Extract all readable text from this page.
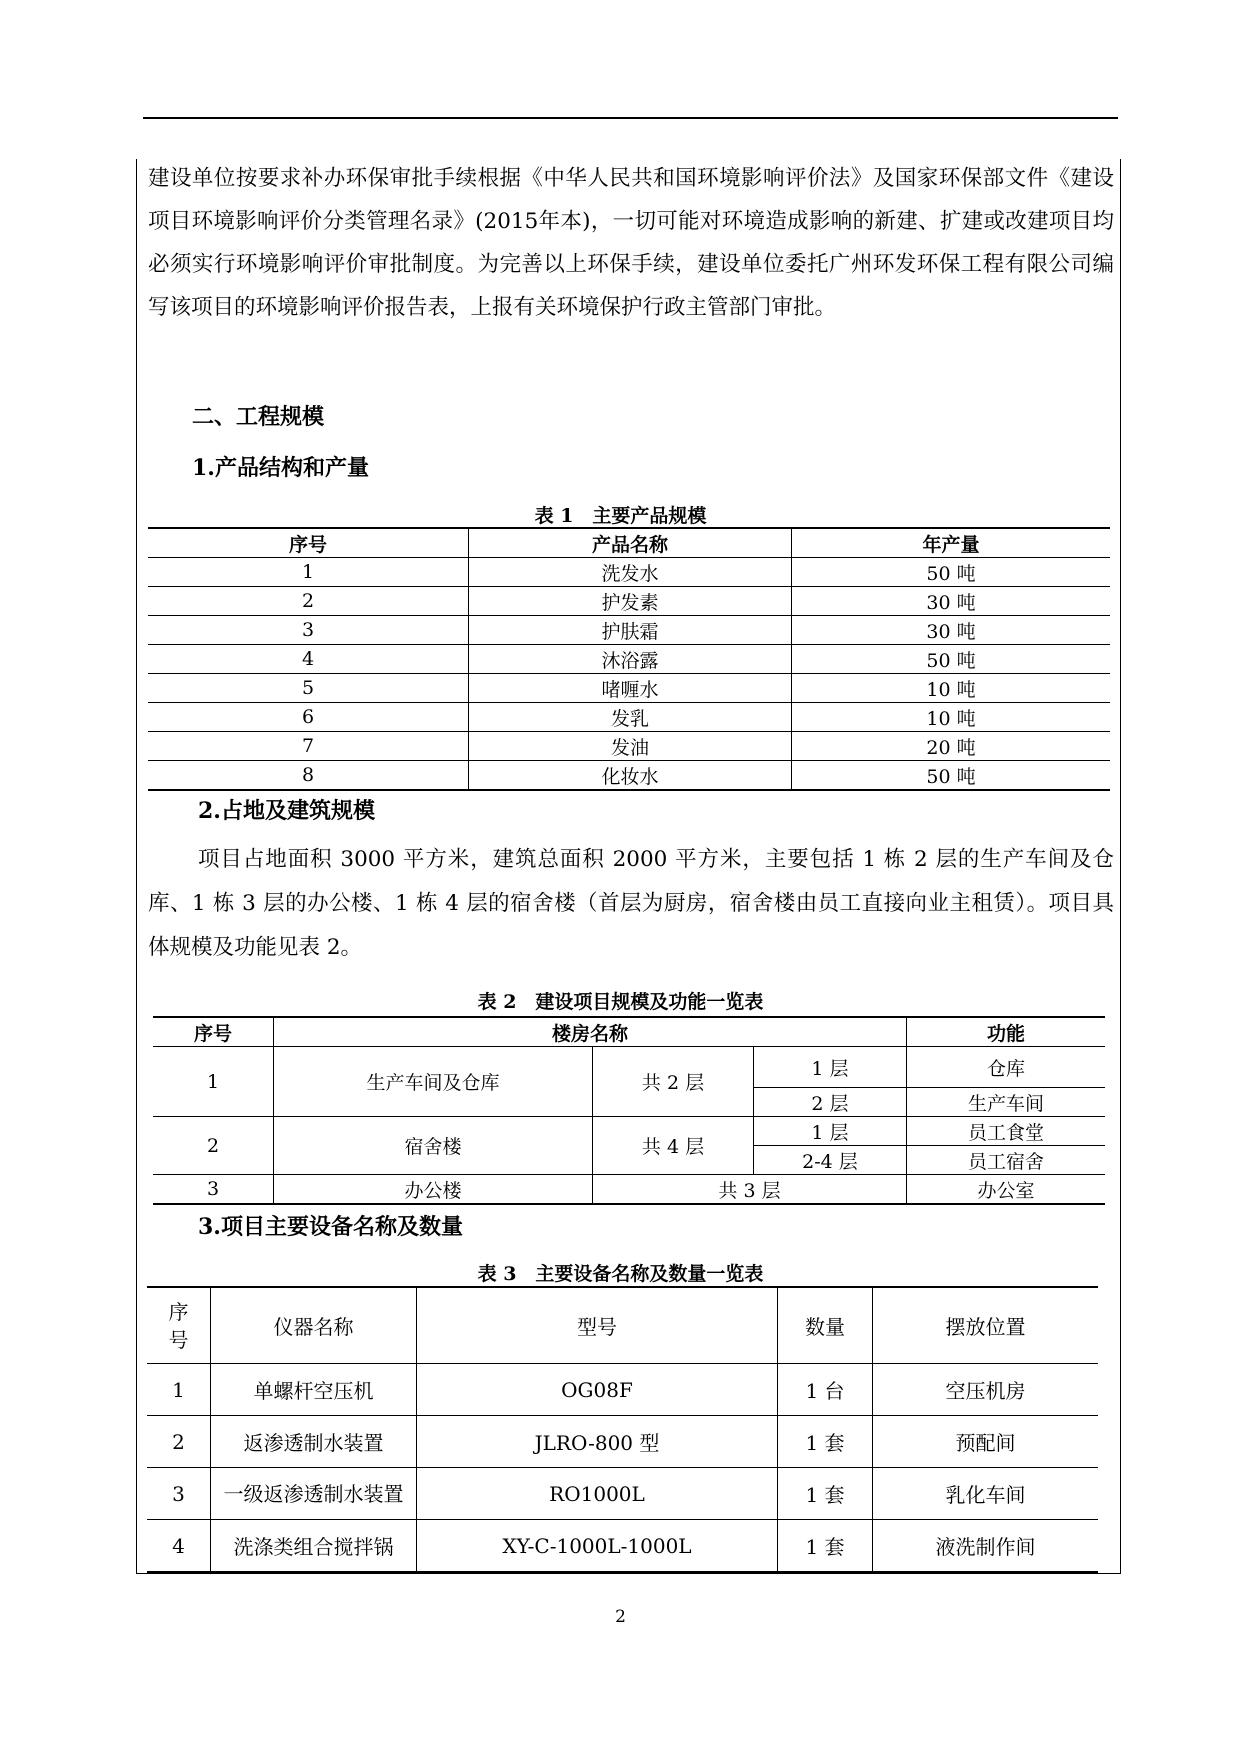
建设单位按要求补办环保审批手续根据《中华人民共和国环境影响评价法》及国家环保部文件《建设项目环境影响评价分类管理名录》(2015年本)，一切可能对环境造成影响的新建、扩建或改建项目均必须实行环境影响评价审批制度。为完善以上环保手续，建设单位委托广州环发环保工程有限公司编写该项目的环境影响评价报告表，上报有关环境保护行政主管部门审批。
二、工程规模
1.产品结构和产量
表 1　主要产品规模
序号	产品名称	年产量
1	洗发水	50 吨
2	护发素	30 吨
3	护肤霜	30 吨
4	沐浴露	50 吨
5	啫喱水	10 吨
6	发乳	10 吨
7	发油	20 吨
8	化妆水	50 吨
2.占地及建筑规模
项目占地面积 3000 平方米，建筑总面积 2000 平方米，主要包括 1 栋 2 层的生产车间及仓库、1 栋 3 层的办公楼、1 栋 4 层的宿舍楼（首层为厨房，宿舍楼由员工直接向业主租赁）。项目具体规模及功能见表 2。
表 2　建设项目规模及功能一览表
序号	楼房名称			功能
1	生产车间及仓库	共 2 层	1 层	仓库
			2 层	生产车间
2	宿舍楼	共 4 层	1 层	员工食堂
			2-4 层	员工宿舍
3	办公楼	共 3 层		办公室
3.项目主要设备名称及数量
表 3　主要设备名称及数量一览表
序号	仪器名称	型号	数量	摆放位置
1	单螺杆空压机	OG08F	1 台	空压机房
2	返渗透制水装置	JLRO-800 型	1 套	预配间
3	一级返渗透制水装置	RO1000L	1 套	乳化车间
4	洗涤类组合搅拌锅	XY-C-1000L-1000L	1 套	液洗制作间
2
